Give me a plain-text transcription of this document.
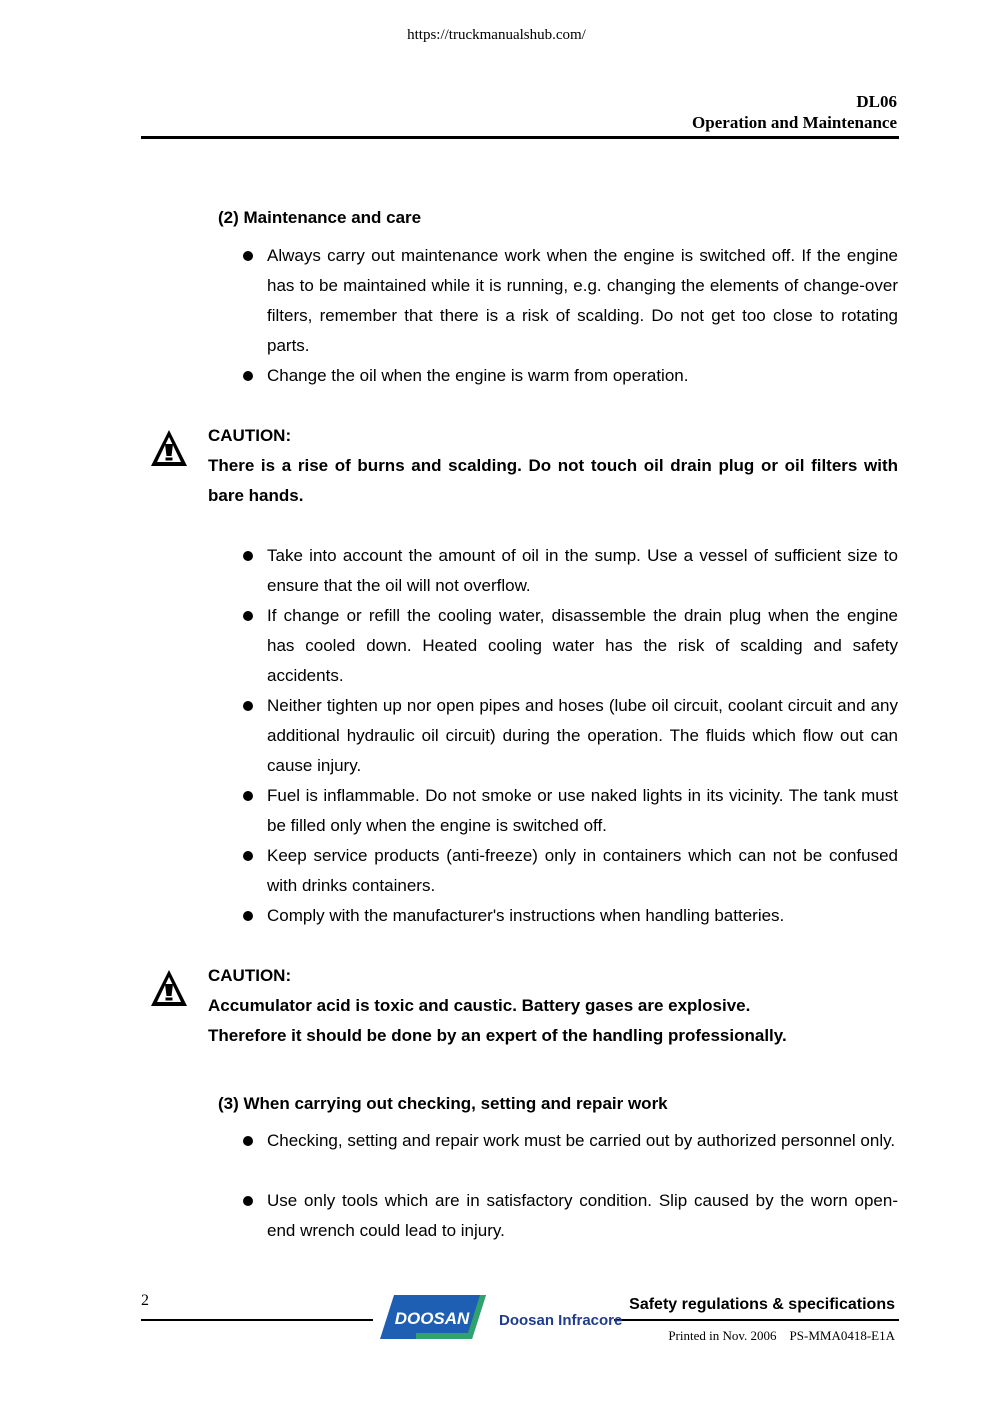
https://truckmanualshub.com/
DL06
Operation and Maintenance
(2) Maintenance and care
Always carry out maintenance work when the engine is switched off. If the engine has to be maintained while it is running, e.g. changing the elements of change-over filters, remember that there is a risk of scalding. Do not get too close to rotating parts.
Change the oil when the engine is warm from operation.
CAUTION:
There is a rise of burns and scalding. Do not touch oil drain plug or oil filters with bare hands.
Take into account the amount of oil in the sump. Use a vessel of sufficient size to ensure that the oil will not overflow.
If change or refill the cooling water, disassemble the drain plug when the engine has cooled down. Heated cooling water has the risk of scalding and safety accidents.
Neither tighten up nor open pipes and hoses (lube oil circuit, coolant circuit and any additional hydraulic oil circuit) during the operation. The fluids which flow out can cause injury.
Fuel is inflammable. Do not smoke or use naked lights in its vicinity. The tank must be filled only when the engine is switched off.
Keep service products (anti-freeze) only in containers which can not be confused with drinks containers.
Comply with the manufacturer's instructions when handling batteries.
CAUTION:
Accumulator acid is toxic and caustic. Battery gases are explosive.
Therefore it should be done by an expert of the handling professionally.
(3) When carrying out checking, setting and repair work
Checking, setting and repair work must be carried out by authorized personnel only.
Use only tools which are in satisfactory condition. Slip caused by the worn open-end wrench could lead to injury.
2
DOOSAN Doosan Infracore
Safety regulations & specifications
Printed in Nov. 2006    PS-MMA0418-E1A
